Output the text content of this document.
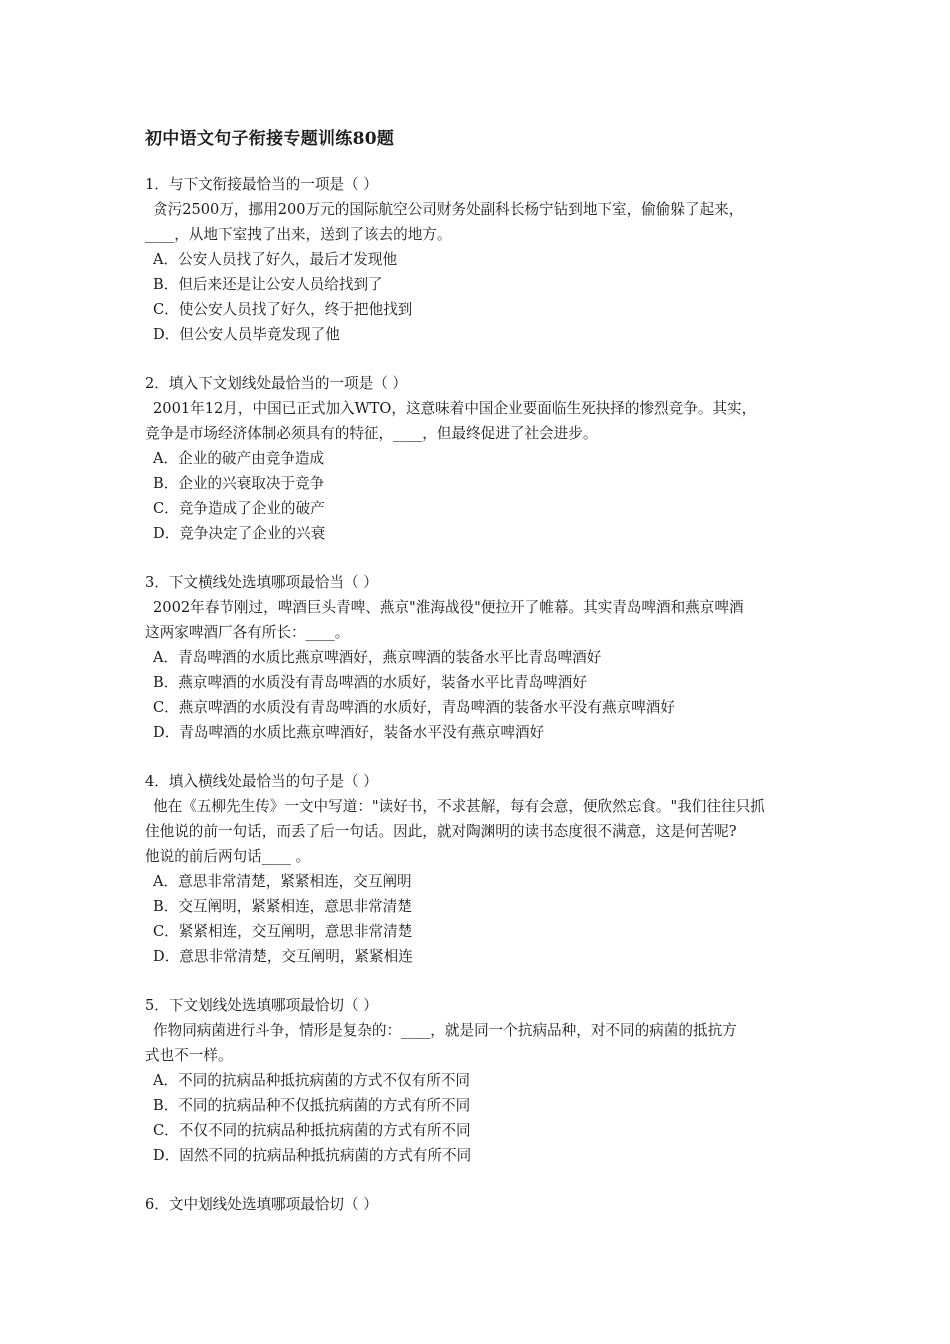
初中语文句子衔接专题训练80题
1．与下文衔接最恰当的一项是（ ）
贪污2500万，挪用200万元的国际航空公司财务处副科长杨宁钻到地下室，偷偷躲了起来，
____，从地下室拽了出来，送到了该去的地方。
A．公安人员找了好久，最后才发现他
B．但后来还是让公安人员给找到了
C．使公安人员找了好久，终于把他找到
D．但公安人员毕竟发现了他
2．填入下文划线处最恰当的一项是（ ）
2001年12月，中国已正式加入WTO，这意味着中国企业要面临生死抉择的惨烈竞争。其实，
竞争是市场经济体制必须具有的特征，____，但最终促进了社会进步。
A．企业的破产由竞争造成
B．企业的兴衰取决于竞争
C．竞争造成了企业的破产
D．竞争决定了企业的兴衰
3．下文横线处选填哪项最恰当（ ）
2002年春节刚过，啤酒巨头青啤、燕京"淮海战役"便拉开了帷幕。其实青岛啤酒和燕京啤酒
这两家啤酒厂各有所长：____。
A．青岛啤酒的水质比燕京啤酒好，燕京啤酒的装备水平比青岛啤酒好
B．燕京啤酒的水质没有青岛啤酒的水质好，装备水平比青岛啤酒好
C．燕京啤酒的水质没有青岛啤酒的水质好，青岛啤酒的装备水平没有燕京啤酒好
D．青岛啤酒的水质比燕京啤酒好，装备水平没有燕京啤酒好
4．填入横线处最恰当的句子是（ ）
他在《五柳先生传》一文中写道："读好书，不求甚解，每有会意，便欣然忘食。"我们往往只抓
住他说的前一句话，而丢了后一句话。因此，就对陶渊明的读书态度很不满意，这是何苦呢?
他说的前后两句话____ 。
A．意思非常清楚，紧紧相连，交互阐明
B．交互阐明，紧紧相连，意思非常清楚
C．紧紧相连，交互阐明，意思非常清楚
D．意思非常清楚，交互阐明，紧紧相连
5．下文划线处选填哪项最恰切（ ）
作物同病菌进行斗争，情形是复杂的：____，就是同一个抗病品种，对不同的病菌的抵抗方
式也不一样。
A．不同的抗病品种抵抗病菌的方式不仅有所不同
B．不同的抗病品种不仅抵抗病菌的方式有所不同
C．不仅不同的抗病品种抵抗病菌的方式有所不同
D．固然不同的抗病品种抵抗病菌的方式有所不同
6．文中划线处选填哪项最恰切（ ）
